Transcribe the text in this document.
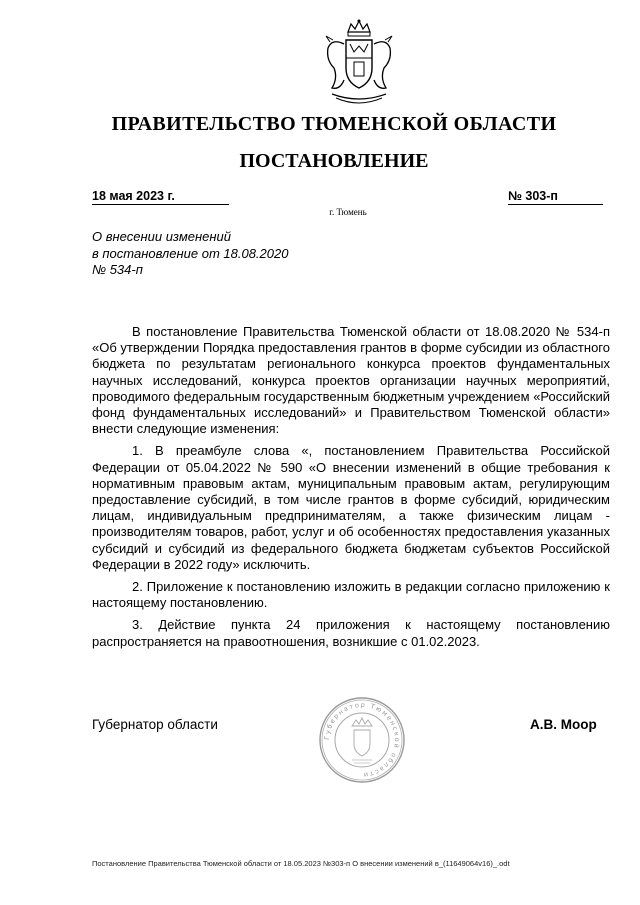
ПРАВИТЕЛЬСТВО ТЮМЕНСКОЙ ОБЛАСТИ
ПОСТАНОВЛЕНИЕ
18 мая 2023 г.	№ 303-п
г. Тюмень
О внесении изменений
в постановление от 18.08.2020
№ 534-п

В постановление Правительства Тюменской области от 18.08.2020 № 534-п «Об утверждении Порядка предоставления грантов в форме субсидии из областного бюджета по результатам регионального конкурса проектов фундаментальных научных исследований, конкурса проектов организации научных мероприятий, проводимого федеральным государственным бюджетным учреждением «Российский фонд фундаментальных исследований» и Правительством Тюменской области» внести следующие изменения:

1. В преамбуле слова «, постановлением Правительства Российской Федерации от 05.04.2022 № 590 «О внесении изменений в общие требования к нормативным правовым актам, муниципальным правовым актам, регулирующим предоставление субсидий, в том числе грантов в форме субсидий, юридическим лицам, индивидуальным предпринимателям, а также физическим лицам - производителям товаров, работ, услуг и об особенностях предоставления указанных субсидий и субсидий из федерального бюджета бюджетам субъектов Российской Федерации в 2022 году» исключить.

2. Приложение к постановлению изложить в редакции согласно приложению к настоящему постановлению.

3. Действие пункта 24 приложения к настоящему постановлению распространяется на правоотношения, возникшие с 01.02.2023.

Губернатор области
Губернатор Тюменской области
А.В. Моор
Постановление Правительства Тюменской области от 18.05.2023 №303-п О внесении изменений в_(11649064v16)_.odt
